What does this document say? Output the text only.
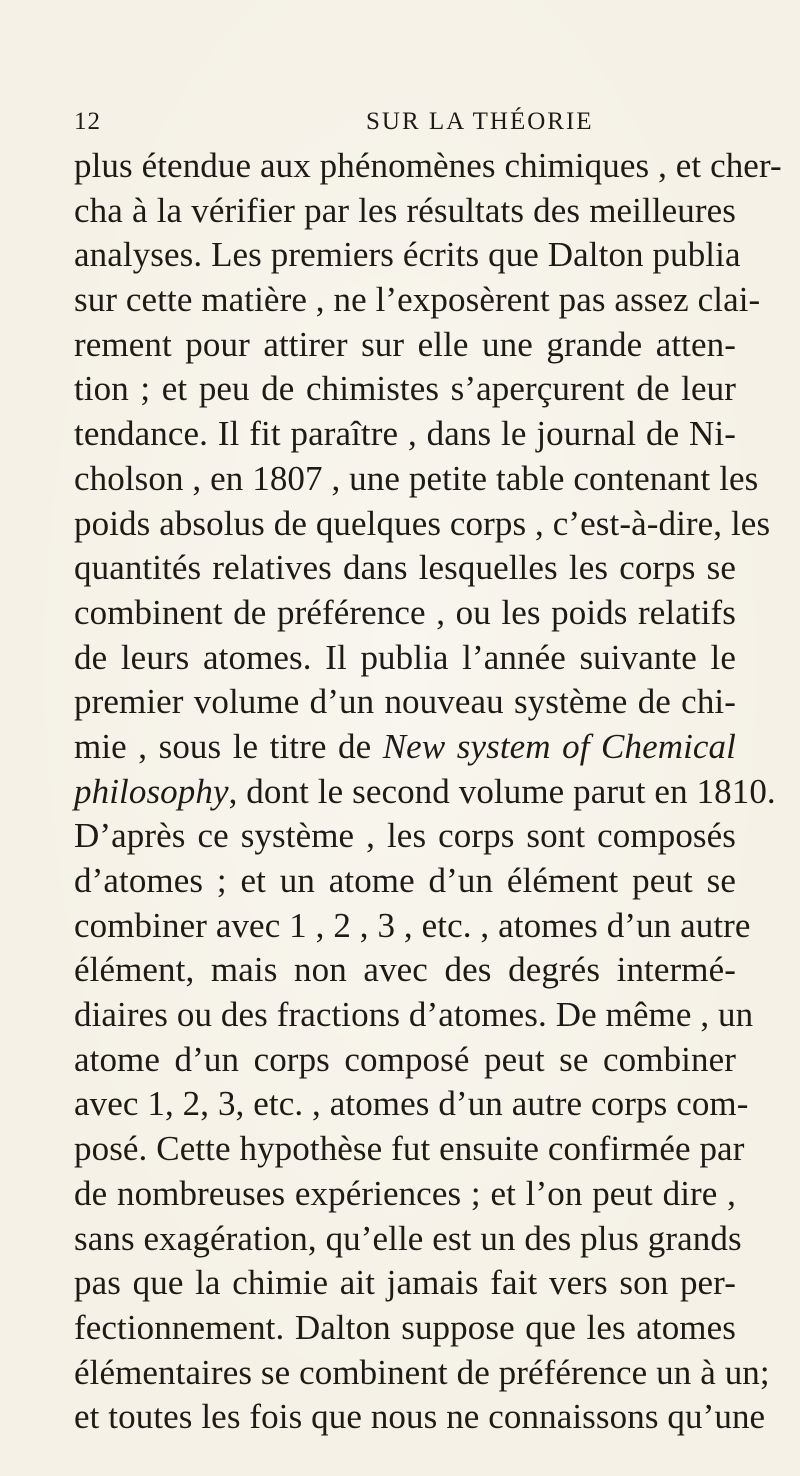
12	SUR LA THÉORIE
plus étendue aux phénomènes chimiques , et cher-
cha à la vérifier par les résultats des meilleures
analyses. Les premiers écrits que Dalton publia
sur cette matière , ne l’exposèrent pas assez clai-
rement pour attirer sur elle une grande atten-
tion ; et peu de chimistes s’aperçurent de leur
tendance. Il fit paraître , dans le journal de Ni-
cholson , en 1807 , une petite table contenant les
poids absolus de quelques corps , c’est-à-dire, les
quantités relatives dans lesquelles les corps se
combinent de préférence , ou les poids relatifs
de leurs atomes. Il publia l’année suivante le
premier volume d’un nouveau système de chi-
mie , sous le titre de New system of Chemical
philosophy, dont le second volume parut en 1810.
D’après ce système , les corps sont composés
d’atomes ; et un atome d’un élément peut se
combiner avec 1 , 2 , 3 , etc. , atomes d’un autre
élément, mais non avec des degrés intermé-
diaires ou des fractions d’atomes. De même , un
atome d’un corps composé peut se combiner
avec 1, 2, 3, etc. , atomes d’un autre corps com-
posé. Cette hypothèse fut ensuite confirmée par
de nombreuses expériences ; et l’on peut dire ,
sans exagération, qu’elle est un des plus grands
pas que la chimie ait jamais fait vers son per-
fectionnement. Dalton suppose que les atomes
élémentaires se combinent de préférence un à un;
et toutes les fois que nous ne connaissons qu’une
